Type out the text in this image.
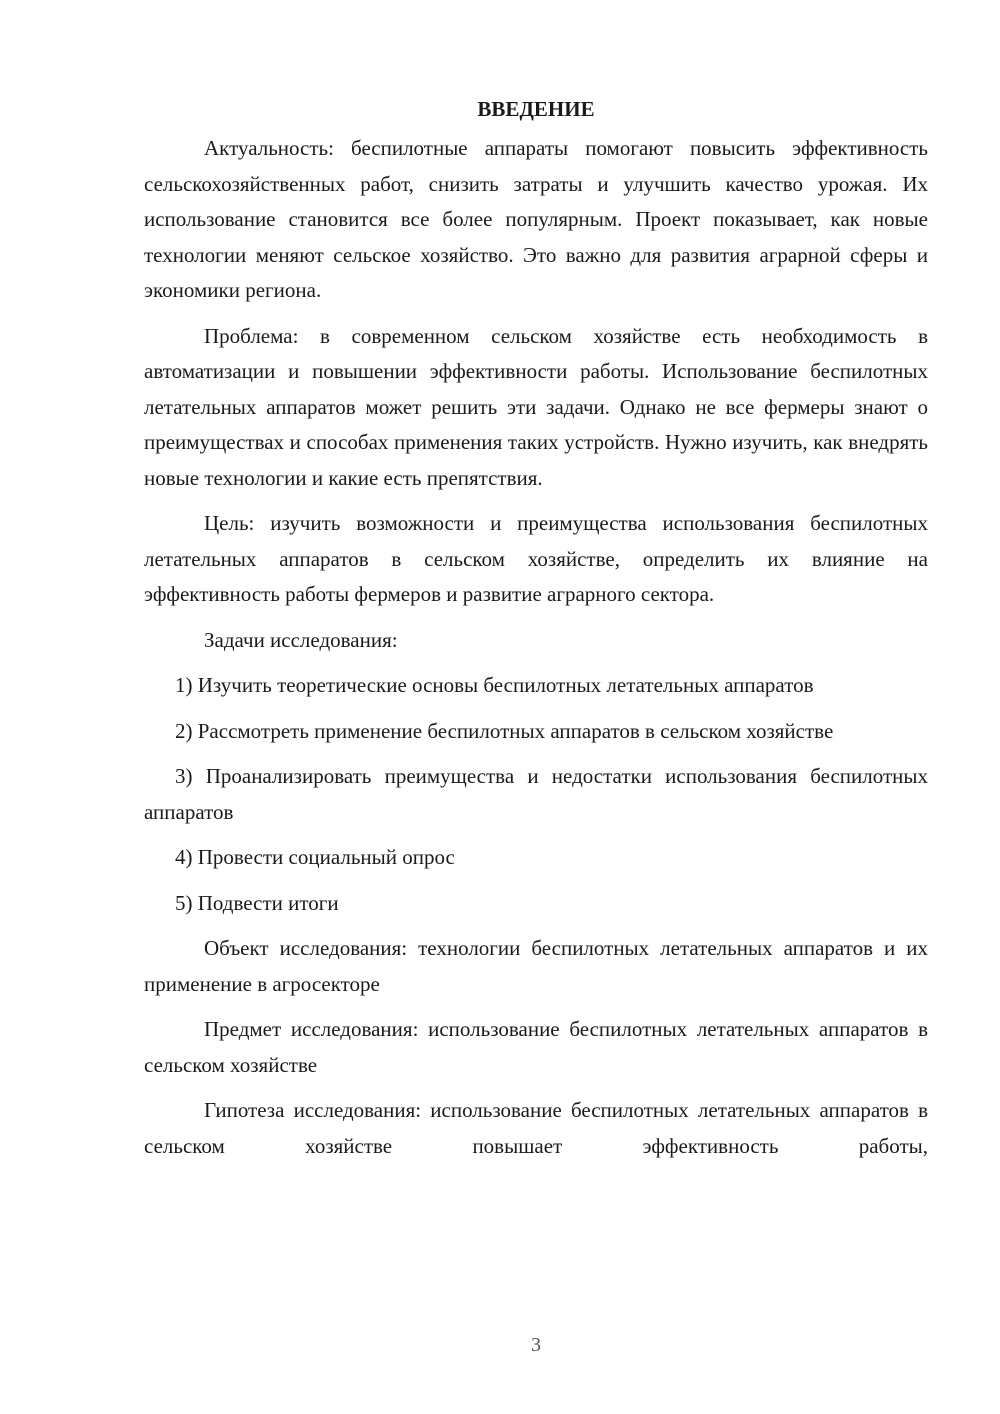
ВВЕДЕНИЕ

Актуальность: беспилотные аппараты помогают повысить эффективность сельскохозяйственных работ, снизить затраты и улучшить качество урожая. Их использование становится все более популярным. Проект показывает, как новые технологии меняют сельское хозяйство. Это важно для развития аграрной сферы и экономики региона.

Проблема: в современном сельском хозяйстве есть необходимость в автоматизации и повышении эффективности работы. Использование беспилотных летательных аппаратов может решить эти задачи. Однако не все фермеры знают о преимуществах и способах применения таких устройств. Нужно изучить, как внедрять новые технологии и какие есть препятствия.

Цель: изучить возможности и преимущества использования беспилотных летательных аппаратов в сельском хозяйстве, определить их влияние на эффективность работы фермеров и развитие аграрного сектора.

Задачи исследования:

1) Изучить теоретические основы беспилотных летательных аппаратов
2) Рассмотреть применение беспилотных аппаратов в сельском хозяйстве
3) Проанализировать преимущества и недостатки использования беспилотных аппаратов
4) Провести социальный опрос
5) Подвести итоги

Объект исследования: технологии беспилотных летательных аппаратов и их применение в агросекторе

Предмет исследования: использование беспилотных летательных аппаратов в сельском хозяйстве

Гипотеза исследования: использование беспилотных летательных аппаратов в сельском хозяйстве повышает эффективность работы,

3
